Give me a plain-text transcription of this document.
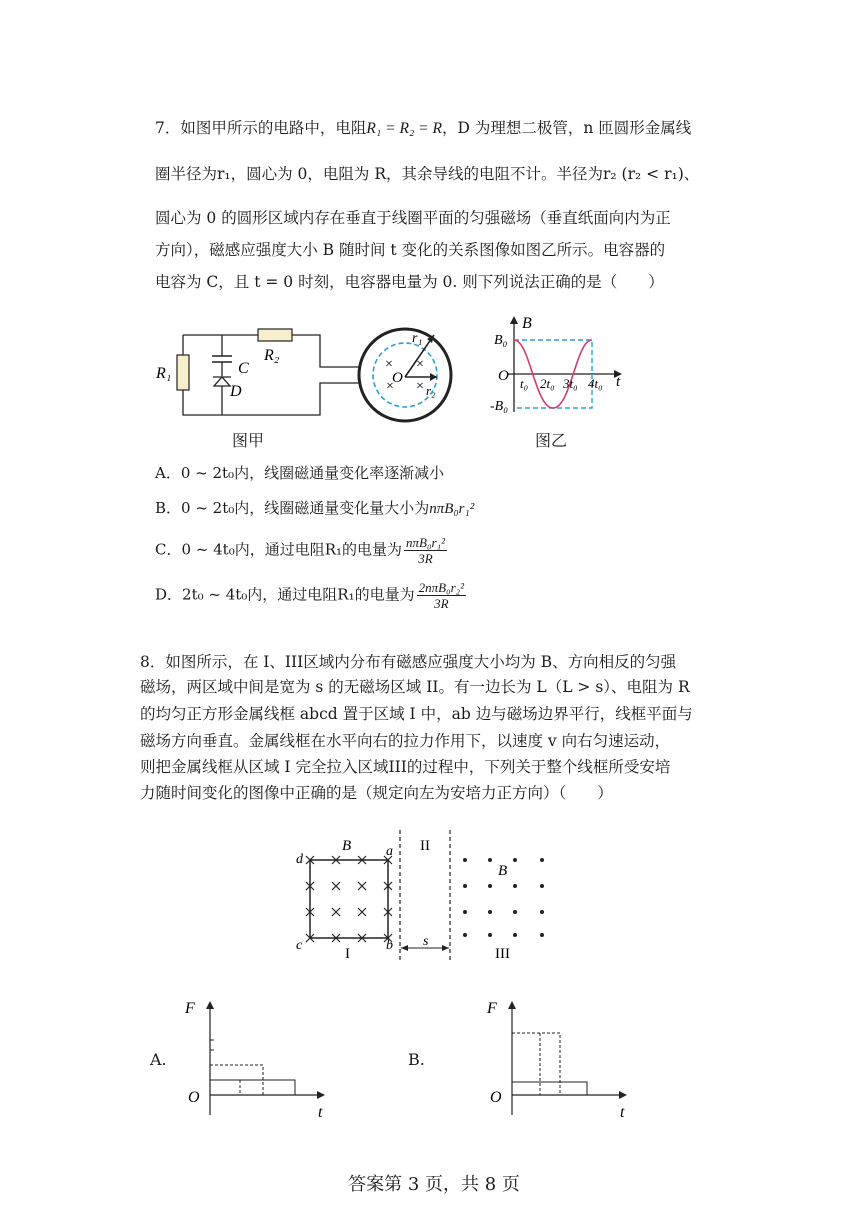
7．如图甲所示的电路中，电阻R₁ = R₂ = R，D 为理想二极管，n 匝圆形金属线
圈半径为r₁，圆心为 0，电阻为 R，其余导线的电阻不计。半径为r₂ (r₂ < r₁)、
圆心为 0 的圆形区域内存在垂直于线圈平面的匀强磁场（垂直纸面向内为正
方向），磁感应强度大小 B 随时间 t 变化的关系图像如图乙所示。电容器的
电容为 C，且 t = 0 时刻，电容器电量为 0. 则下列说法正确的是（　　）
R₁
R₂
C
D
× ×
× ×
O
r₁
r₂
图甲
B
B₀
O
-B₀
t₀ 2t₀ 3t₀ 4t₀ t
图乙
A．0 ~ 2t₀内，线圈磁通量变化率逐渐减小
B．0 ~ 2t₀内，线圈磁通量变化量大小为nπB₀r₁²
C．0 ~ 4t₀内，通过电阻R₁的电量为 $\frac{\text{nπB₀r₁²}}{3R}$
D．2t₀ ~ 4t₀内，通过电阻R₁的电量为 $\frac{\text{2nπB₀r₂²}}{3R}$
8．如图所示，在 I、III区域内分布有磁感应强度大小均为 B、方向相反的匀强
磁场，两区域中间是宽为 s 的无磁场区域 II。有一边长为 L（L > s）、电阻为 R
的均匀正方形金属线框 abcd 置于区域 I 中，ab 边与磁场边界平行，线框平面与
磁场方向垂直。金属线框在水平向右的拉力作用下，以速度 v 向右匀速运动，
则把金属线框从区域 I 完全拉入区域III的过程中，下列关于整个线框所受安培
力随时间变化的图像中正确的是（规定向左为安培力正方向）（　　）
B
B
II
I	III
s
a
b
c
d
A.
F
O
t
B.
F
O
t
答案第 3 页，共 8 页
